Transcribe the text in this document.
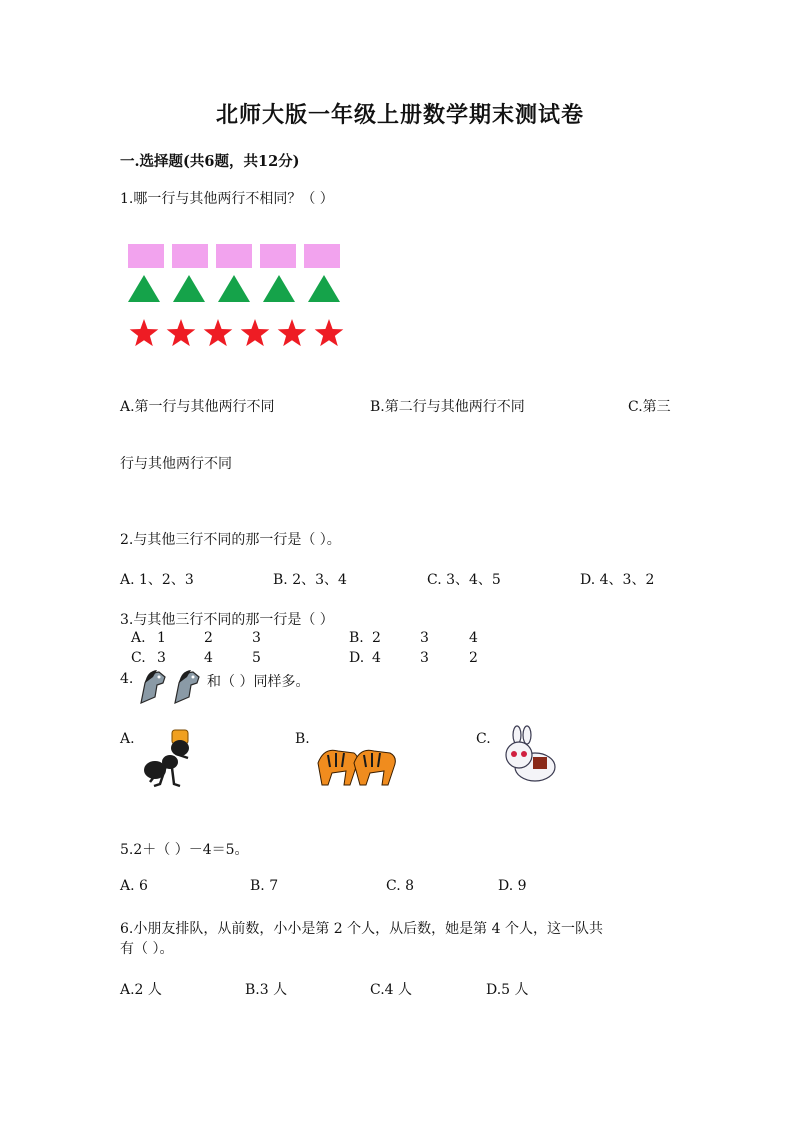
北师大版一年级上册数学期末测试卷
一.选择题(共6题，共12分)
1.哪一行与其他两行不相同？（ ）
A.第一行与其他两行不同	B.第二行与其他两行不同	C.第三
行与其他两行不同
2.与其他三行不同的那一行是（ ）。
A. 1、2、3	B. 2、3、4	C. 3、4、5	D. 4、3、2
3.与其他三行不同的那一行是（ ）
A. 1	2	3	B. 2	3	4
C. 3	4	5	D. 4	3	2
4.	和（ ）同样多。
A.	B.	C.
5.2＋（ ）－4＝5。
A. 6	B. 7	C. 8	D. 9
6.小朋友排队，从前数，小小是第 2 个人，从后数，她是第 4 个人，这一队共
有（ ）。
A.2 人	B.3 人	C.4 人	D.5 人
